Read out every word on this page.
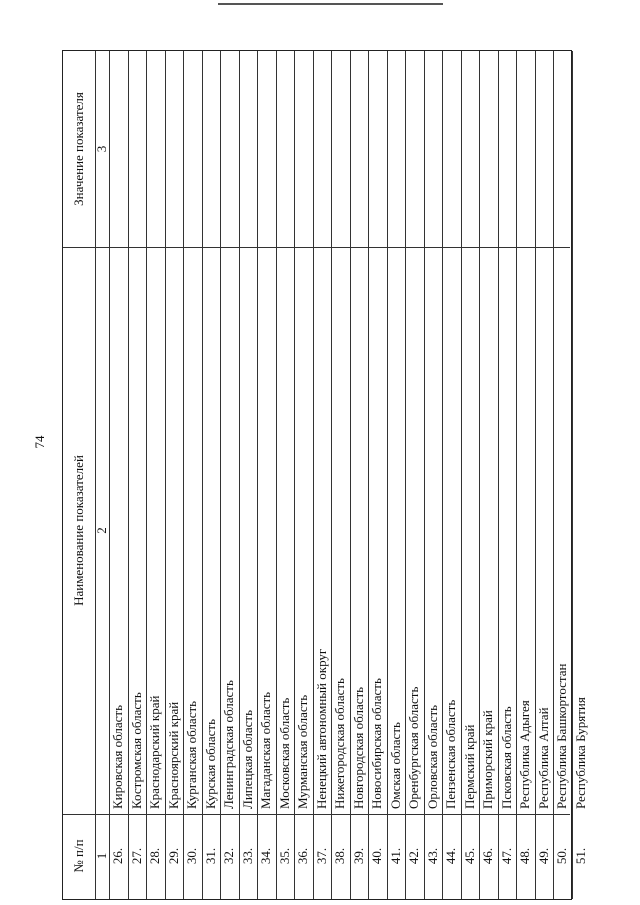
74
№ п/п
Наименование показателей
Значение показателя
1
2
3
26.
Кировская область
27.
Костромская область
28.
Краснодарский край
29.
Красноярский край
30.
Курганская область
31.
Курская область
32.
Ленинградская область
33.
Липецкая область
34.
Магаданская область
35.
Московская область
36.
Мурманская область
37.
Ненецкий автономный округ
38.
Нижегородская область
39.
Новгородская область
40.
Новосибирская область
41.
Омская область
42.
Оренбургская область
43.
Орловская область
44.
Пензенская область
45.
Пермский край
46.
Приморский край
47.
Псковская область
48.
Республика Адыгея
49.
Республика Алтай
50.
Республика Башкортостан
51.
Республика Бурятия
